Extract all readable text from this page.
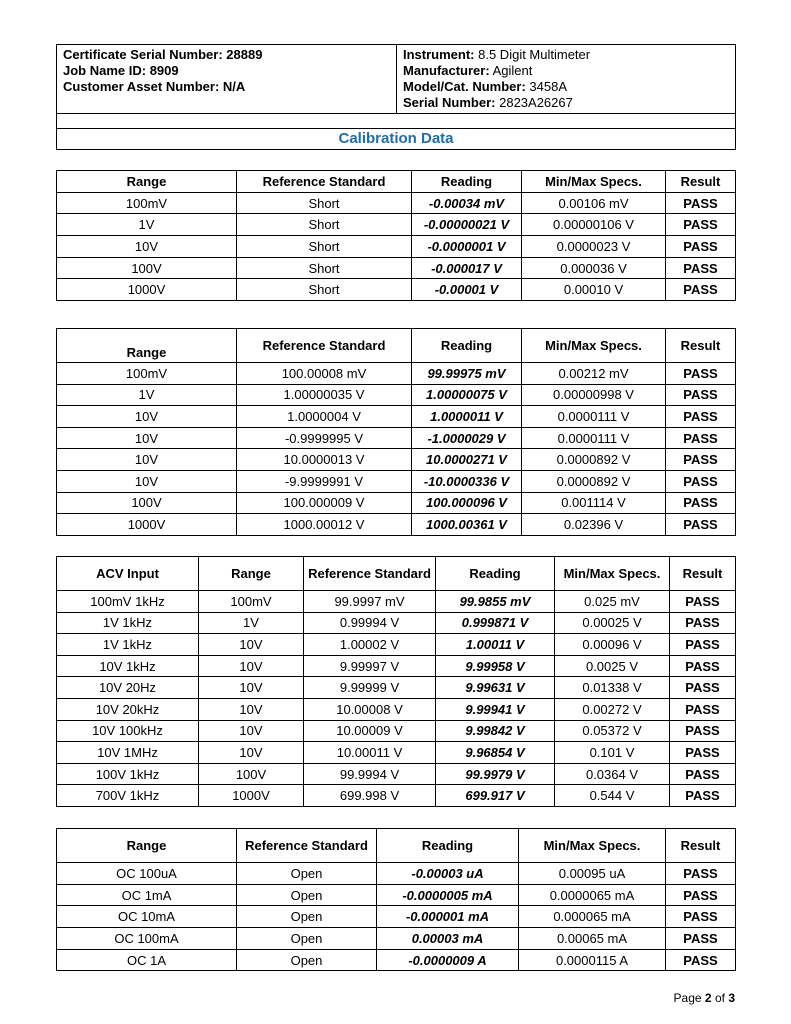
Certificate Serial Number: 28889
Job Name ID: 8909
Customer Asset Number: N/A

Instrument: 8.5 Digit Multimeter
Manufacturer: Agilent
Model/Cat. Number: 3458A
Serial Number: 2823A26267

Calibration Data
Range	Reference Standard	Reading	Min/Max Specs.	Result
100mV	Short	-0.00034 mV	0.00106 mV	PASS
1V	Short	-0.00000021 V	0.00000106 V	PASS
10V	Short	-0.0000001 V	0.0000023 V	PASS
100V	Short	-0.000017 V	0.000036 V	PASS
1000V	Short	-0.00001 V	0.00010 V	PASS
Range	Reference Standard	Reading	Min/Max Specs.	Result
100mV	100.00008 mV	99.99975 mV	0.00212 mV	PASS
1V	1.00000035 V	1.00000075 V	0.00000998 V	PASS
10V	1.0000004 V	1.0000011 V	0.0000111 V	PASS
10V	-0.9999995 V	-1.0000029 V	0.0000111 V	PASS
10V	10.0000013 V	10.0000271 V	0.0000892 V	PASS
10V	-9.9999991 V	-10.0000336 V	0.0000892 V	PASS
100V	100.000009 V	100.000096 V	0.001114 V	PASS
1000V	1000.00012 V	1000.00361 V	0.02396 V	PASS
ACV Input	Range	Reference Standard	Reading	Min/Max Specs.	Result
100mV 1kHz	100mV	99.9997 mV	99.9855 mV	0.025 mV	PASS
1V 1kHz	1V	0.99994 V	0.999871 V	0.00025 V	PASS
1V 1kHz	10V	1.00002 V	1.00011 V	0.00096 V	PASS
10V 1kHz	10V	9.99997 V	9.99958 V	0.0025 V	PASS
10V 20Hz	10V	9.99999 V	9.99631 V	0.01338 V	PASS
10V 20kHz	10V	10.00008 V	9.99941 V	0.00272 V	PASS
10V 100kHz	10V	10.00009 V	9.99842 V	0.05372 V	PASS
10V 1MHz	10V	10.00011 V	9.96854 V	0.101 V	PASS
100V 1kHz	100V	99.9994 V	99.9979 V	0.0364 V	PASS
700V 1kHz	1000V	699.998 V	699.917 V	0.544 V	PASS
Range	Reference Standard	Reading	Min/Max Specs.	Result
OC 100uA	Open	-0.00003 uA	0.00095 uA	PASS
OC 1mA	Open	-0.0000005 mA	0.0000065 mA	PASS
OC 10mA	Open	-0.000001 mA	0.000065 mA	PASS
OC 100mA	Open	0.00003 mA	0.00065 mA	PASS
OC 1A	Open	-0.0000009 A	0.0000115 A	PASS
Page 2 of 3
